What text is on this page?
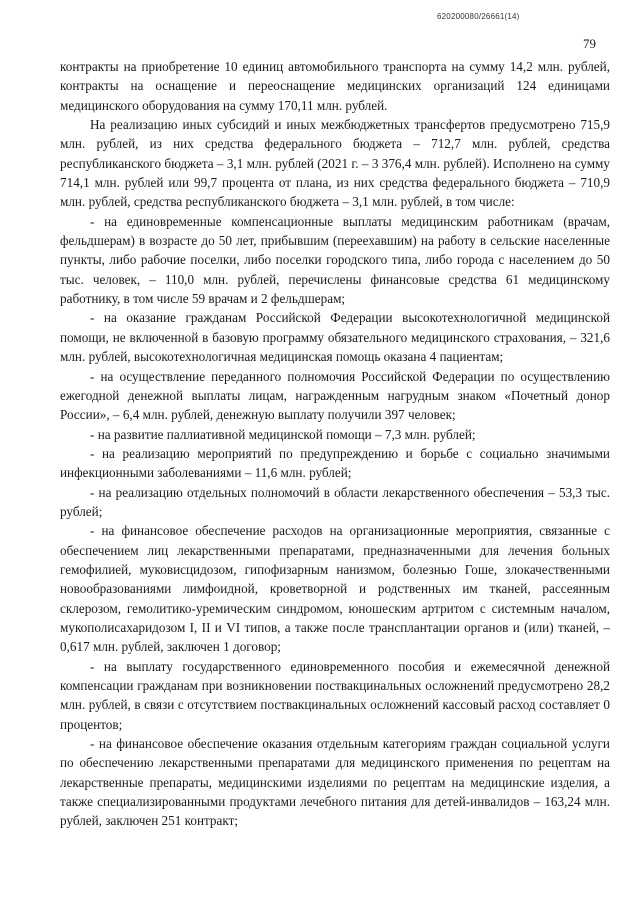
620200080/26661(14)
79

контракты на приобретение 10 единиц автомобильного транспорта на сумму 14,2 млн. рублей, контракты на оснащение и переоснащение медицинских организаций 124 единицами медицинского оборудования на сумму 170,11 млн. рублей.

На реализацию иных субсидий и иных межбюджетных трансфертов предусмотрено 715,9 млн. рублей, из них средства федерального бюджета – 712,7 млн. рублей, средства республиканского бюджета – 3,1 млн. рублей (2021 г. – 3 376,4 млн. рублей). Исполнено на сумму 714,1 млн. рублей или 99,7 процента от плана, из них средства федерального бюджета – 710,9 млн. рублей, средства республиканского бюджета – 3,1 млн. рублей, в том числе:

- на единовременные компенсационные выплаты медицинским работникам (врачам, фельдшерам) в возрасте до 50 лет, прибывшим (переехавшим) на работу в сельские населенные пункты, либо рабочие поселки, либо поселки городского типа, либо города с населением до 50 тыс. человек, – 110,0 млн. рублей, перечислены финансовые средства 61 медицинскому работнику, в том числе 59 врачам и 2 фельдшерам;

- на оказание гражданам Российской Федерации высокотехнологичной медицинской помощи, не включенной в базовую программу обязательного медицинского страхования, – 321,6 млн. рублей, высокотехнологичная медицинская помощь оказана 4 пациентам;

- на осуществление переданного полномочия Российской Федерации по осуществлению ежегодной денежной выплаты лицам, награжденным нагрудным знаком «Почетный донор России», – 6,4 млн. рублей, денежную выплату получили 397 человек;

- на развитие паллиативной медицинской помощи – 7,3 млн. рублей;

- на реализацию мероприятий по предупреждению и борьбе с социально значимыми инфекционными заболеваниями – 11,6 млн. рублей;

- на реализацию отдельных полномочий в области лекарственного обеспечения – 53,3 тыс. рублей;

- на финансовое обеспечение расходов на организационные мероприятия, связанные с обеспечением лиц лекарственными препаратами, предназначенными для лечения больных гемофилией, муковисцидозом, гипофизарным нанизмом, болезнью Гоше, злокачественными новообразованиями лимфоидной, кроветворной и родственных им тканей, рассеянным склерозом, гемолитико-уремическим синдромом, юношеским артритом с системным началом, мукополисахаридозом I, II и VI типов, а также после трансплантации органов и (или) тканей, – 0,617 млн. рублей, заключен 1 договор;

- на выплату государственного единовременного пособия и ежемесячной денежной компенсации гражданам при возникновении поствакцинальных осложнений предусмотрено 28,2 млн. рублей, в связи с отсутствием поствакцинальных осложнений кассовый расход составляет 0 процентов;

- на финансовое обеспечение оказания отдельным категориям граждан социальной услуги по обеспечению лекарственными препаратами для медицинского применения по рецептам на лекарственные препараты, медицинскими изделиями по рецептам на медицинские изделия, а также специализированными продуктами лечебного питания для детей-инвалидов – 163,24 млн. рублей, заключен 251 контракт;
